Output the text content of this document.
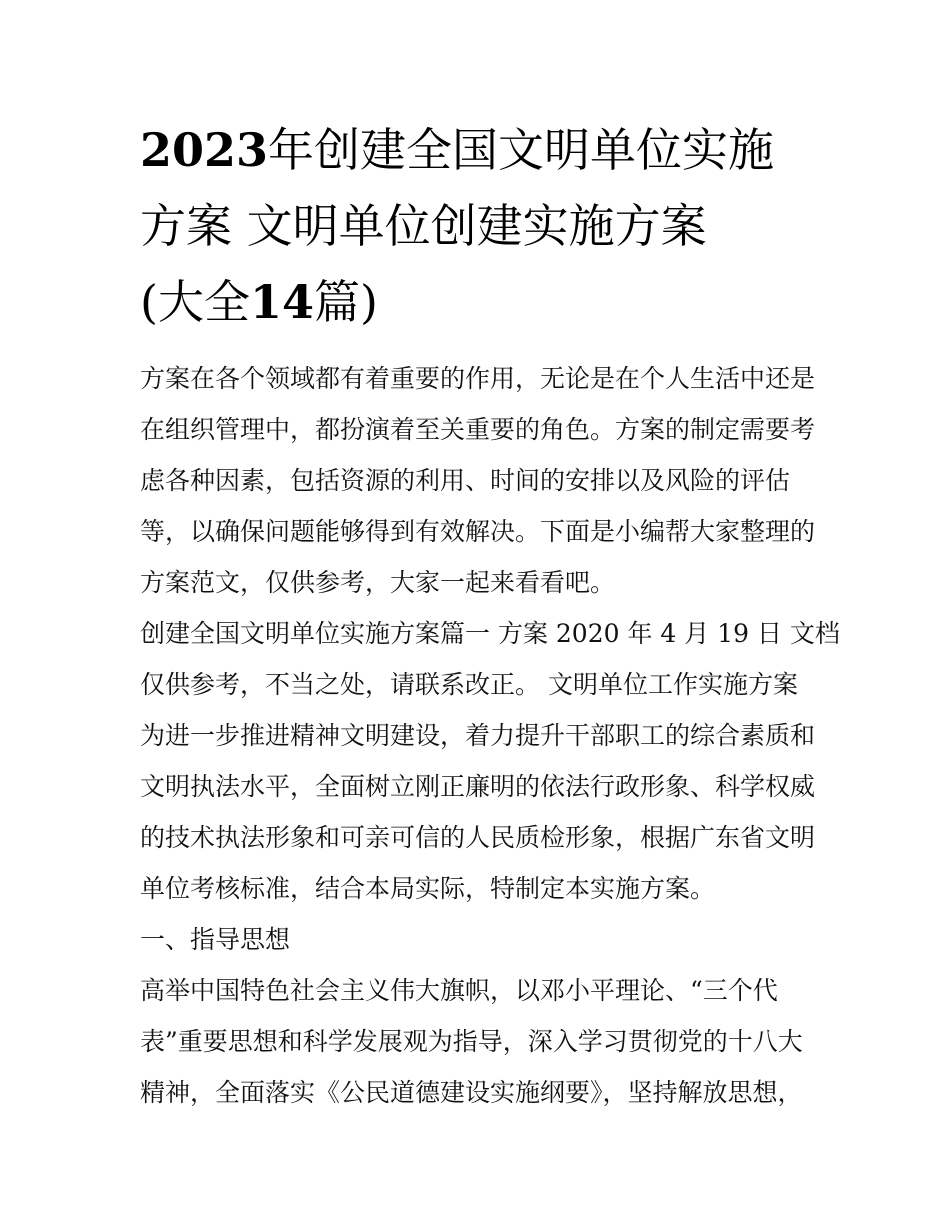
2023年创建全国文明单位实施
方案 文明单位创建实施方案
(大全14篇)
方案在各个领域都有着重要的作用，无论是在个人生活中还是
在组织管理中，都扮演着至关重要的角色。方案的制定需要考
虑各种因素，包括资源的利用、时间的安排以及风险的评估
等，以确保问题能够得到有效解决。下面是小编帮大家整理的
方案范文，仅供参考，大家一起来看看吧。
创建全国文明单位实施方案篇一 方案 2020 年 4 月 19 日 文档
仅供参考，不当之处，请联系改正。 文明单位工作实施方案
为进一步推进精神文明建设，着力提升干部职工的综合素质和
文明执法水平，全面树立刚正廉明的依法行政形象、科学权威
的技术执法形象和可亲可信的人民质检形象，根据广东省文明
单位考核标准，结合本局实际，特制定本实施方案。
一、指导思想
高举中国特色社会主义伟大旗帜，以邓小平理论、“三个代
表”重要思想和科学发展观为指导，深入学习贯彻党的十八大
精神，全面落实《公民道德建设实施纲要》，坚持解放思想，
